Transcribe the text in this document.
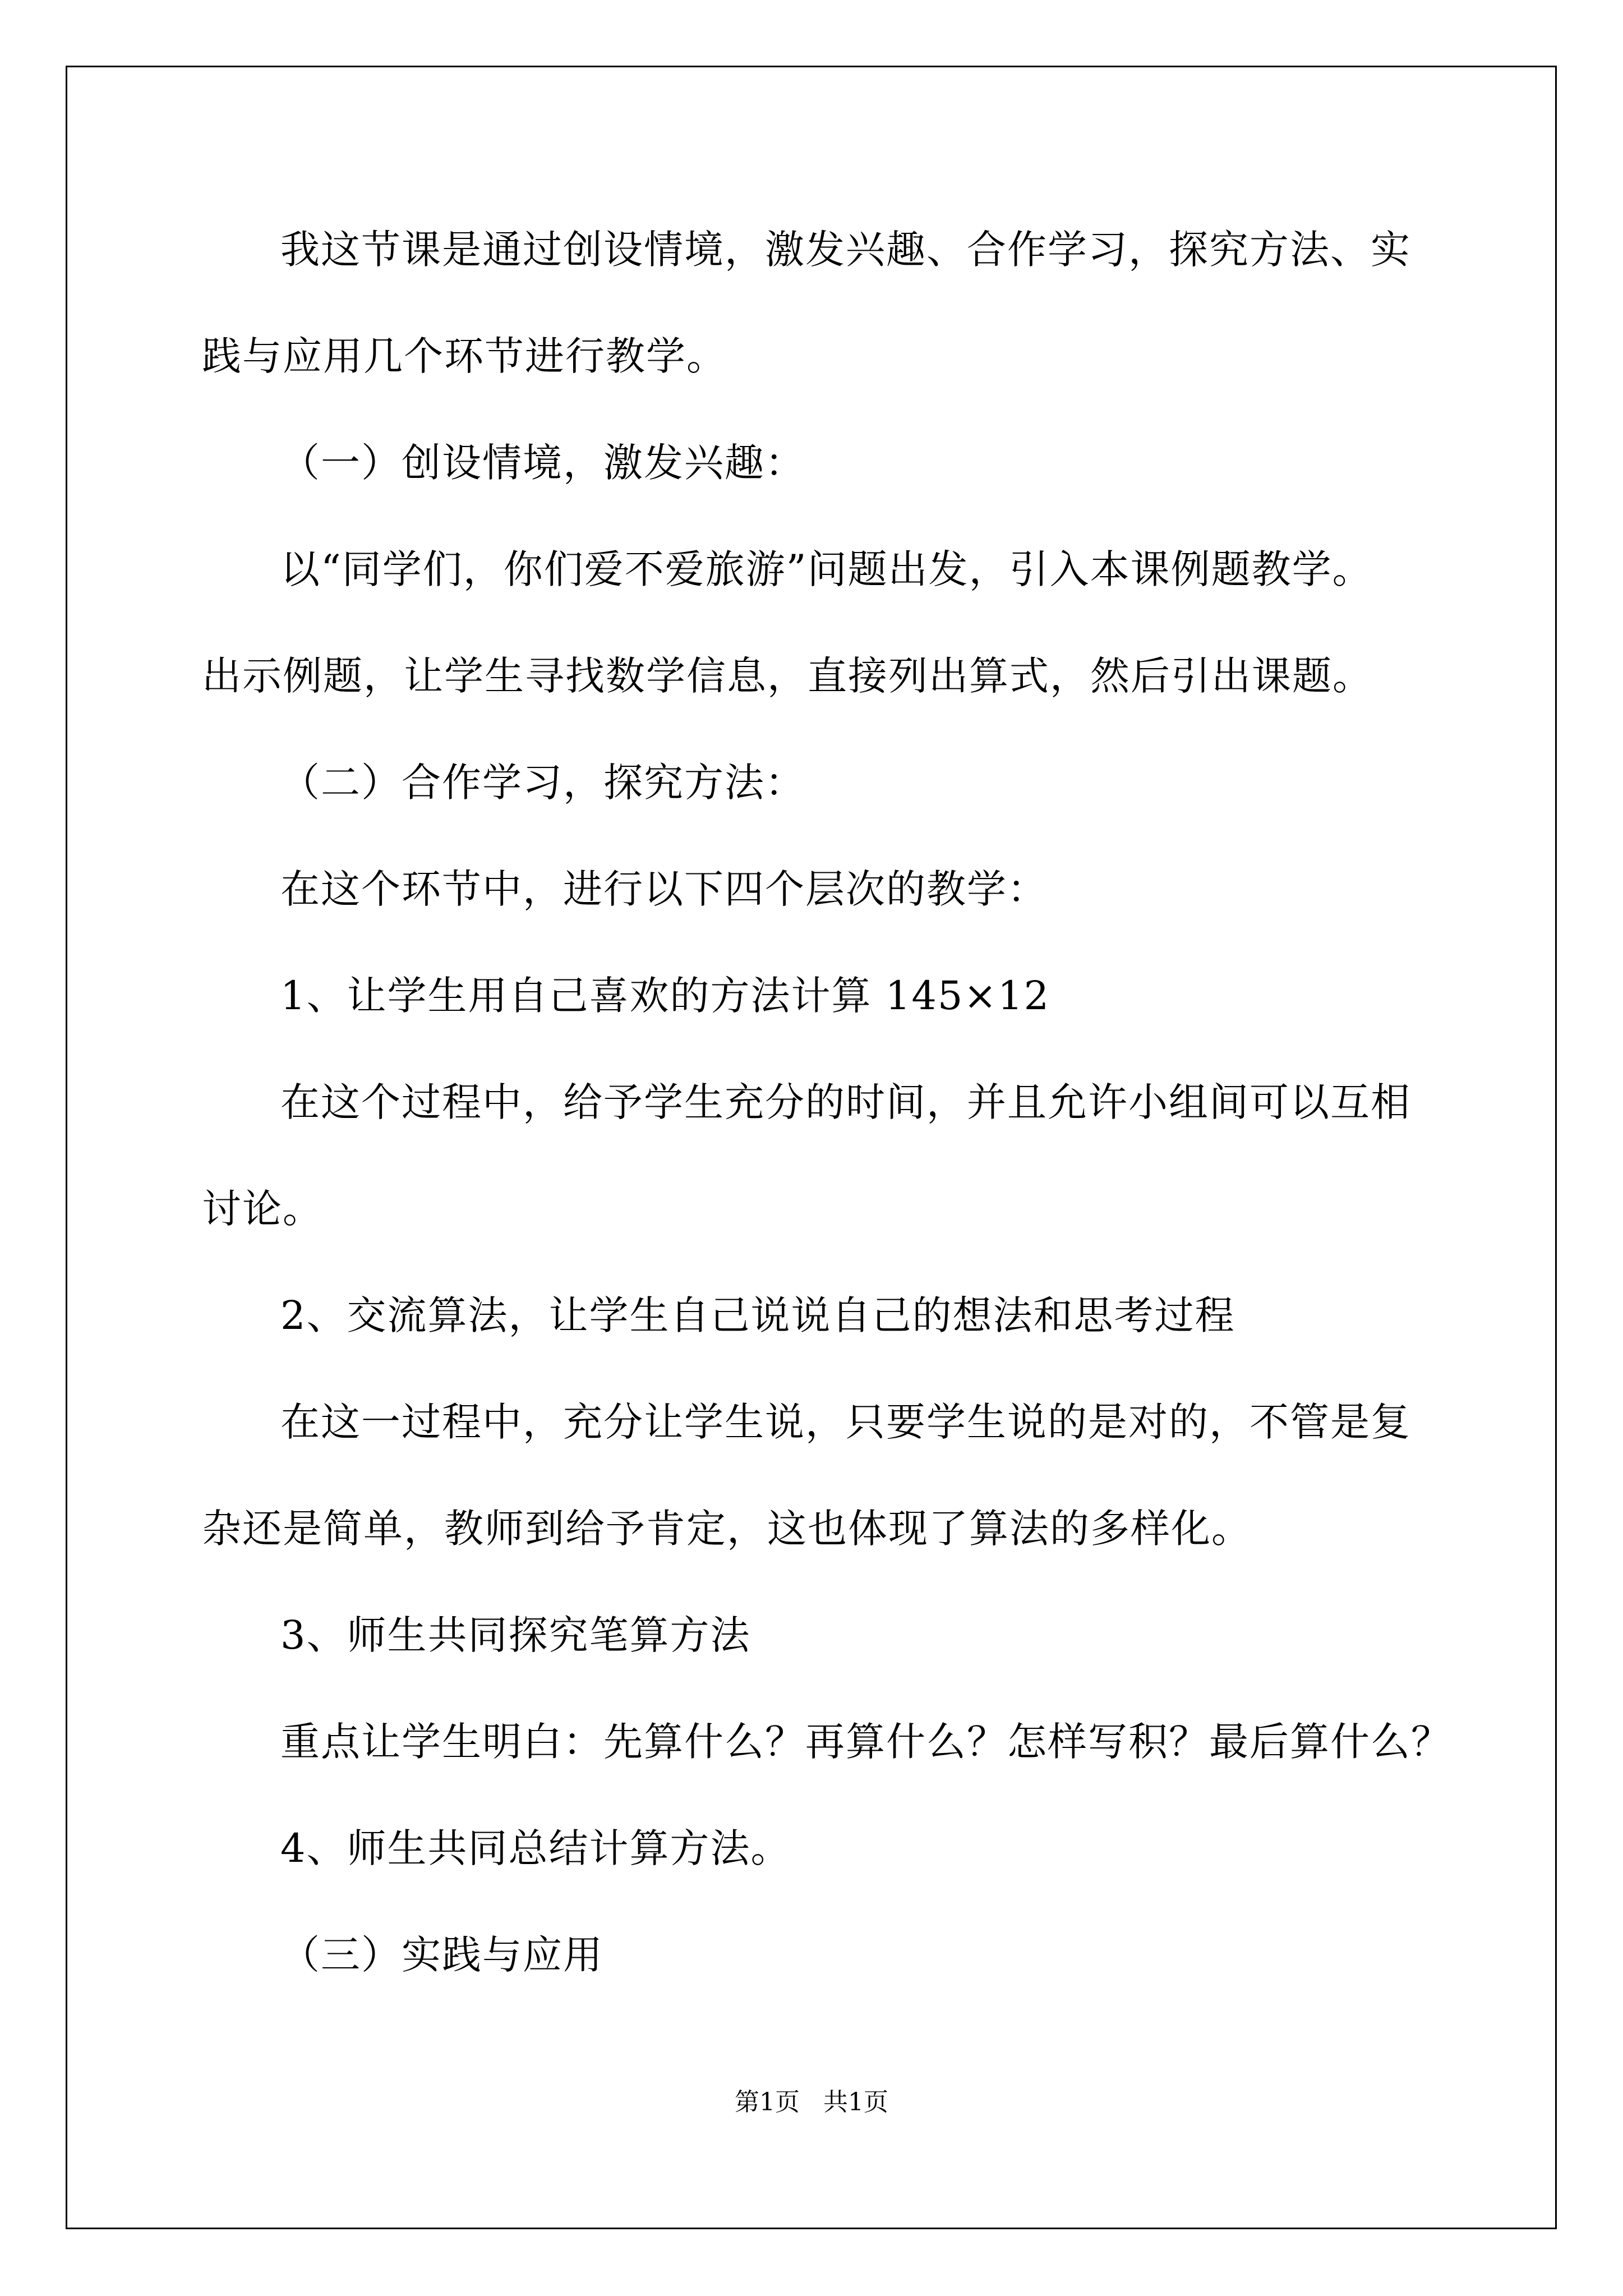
我这节课是通过创设情境，激发兴趣、合作学习，探究方法、实
践与应用几个环节进行教学。
（一）创设情境，激发兴趣：
以“同学们，你们爱不爱旅游”问题出发，引入本课例题教学。
出示例题，让学生寻找数学信息，直接列出算式，然后引出课题。
（二）合作学习，探究方法：
在这个环节中，进行以下四个层次的教学：
1、让学生用自己喜欢的方法计算 145×12
在这个过程中，给予学生充分的时间，并且允许小组间可以互相
讨论。
2、交流算法，让学生自己说说自己的想法和思考过程
在这一过程中，充分让学生说，只要学生说的是对的，不管是复
杂还是简单，教师到给予肯定，这也体现了算法的多样化。
3、师生共同探究笔算方法
重点让学生明白：先算什么？再算什么？怎样写积？最后算什么？
4、师生共同总结计算方法。
（三）实践与应用
第1页   共1页
